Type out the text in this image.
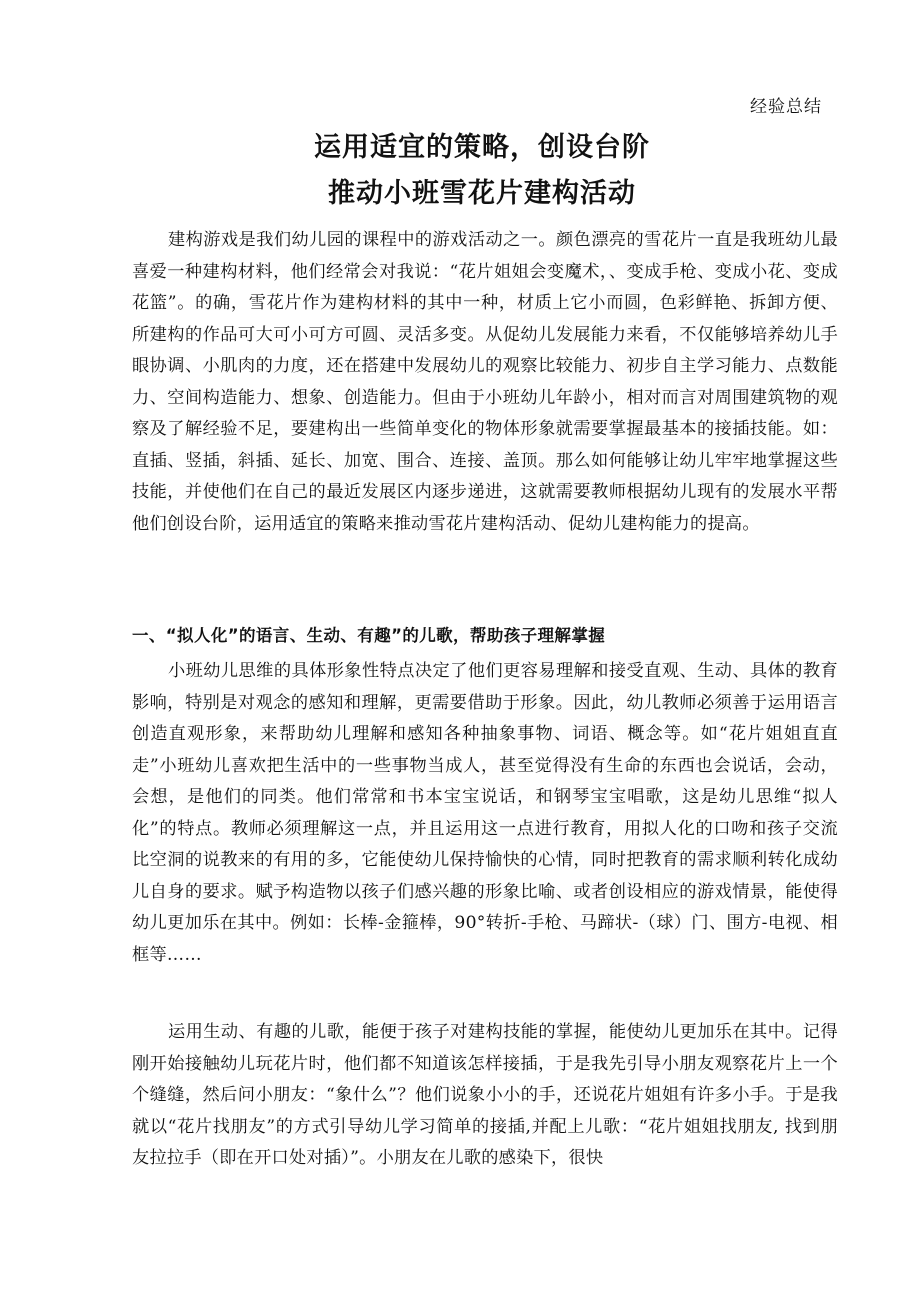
经验总结
运用适宜的策略，创设台阶
推动小班雪花片建构活动

建构游戏是我们幼儿园的课程中的游戏活动之一。颜色漂亮的雪花片一直是我班幼儿最喜爱一种建构材料，他们经常会对我说：“花片姐姐会变魔术，、变成手枪、变成小花、变成花篮”。的确，雪花片作为建构材料的其中一种，材质上它小而圆，色彩鲜艳、拆卸方便、所建构的作品可大可小可方可圆、灵活多变。从促幼儿发展能力来看，不仅能够培养幼儿手眼协调、小肌肉的力度，还在搭建中发展幼儿的观察比较能力、初步自主学习能力、点数能力、空间构造能力、想象、创造能力。但由于小班幼儿年龄小，相对而言对周围建筑物的观察及了解经验不足，要建构出一些简单变化的物体形象就需要掌握最基本的接插技能。如：直插、竖插，斜插、延长、加宽、围合、连接、盖顶。那么如何能够让幼儿牢牢地掌握这些技能，并使他们在自己的最近发展区内逐步递进，这就需要教师根据幼儿现有的发展水平帮他们创设台阶，运用适宜的策略来推动雪花片建构活动、促幼儿建构能力的提高。

一、“拟人化”的语言、生动、有趣”的儿歌，帮助孩子理解掌握

小班幼儿思维的具体形象性特点决定了他们更容易理解和接受直观、生动、具体的教育影响，特别是对观念的感知和理解，更需要借助于形象。因此，幼儿教师必须善于运用语言创造直观形象，来帮助幼儿理解和感知各种抽象事物、词语、概念等。如“花片姐姐直直走”小班幼儿喜欢把生活中的一些事物当成人，甚至觉得没有生命的东西也会说话，会动，会想，是他们的同类。他们常常和书本宝宝说话，和钢琴宝宝唱歌，这是幼儿思维“拟人化”的特点。教师必须理解这一点，并且运用这一点进行教育，用拟人化的口吻和孩子交流比空洞的说教来的有用的多，它能使幼儿保持愉快的心情，同时把教育的需求顺利转化成幼儿自身的要求。赋予构造物以孩子们感兴趣的形象比喻、或者创设相应的游戏情景，能使得幼儿更加乐在其中。例如：长棒-金箍棒，90°转折-手枪、马蹄状-（球）门、围方-电视、相框等……

运用生动、有趣的儿歌，能便于孩子对建构技能的掌握，能使幼儿更加乐在其中。记得刚开始接触幼儿玩花片时，他们都不知道该怎样接插，于是我先引导小朋友观察花片上一个个缝缝，然后问小朋友：“象什么”？他们说象小小的手，还说花片姐姐有许多小手。于是我就以“花片找朋友”的方式引导幼儿学习简单的接插,并配上儿歌：“花片姐姐找朋友, 找到朋友拉拉手（即在开口处对插）”。小朋友在儿歌的感染下，很快
